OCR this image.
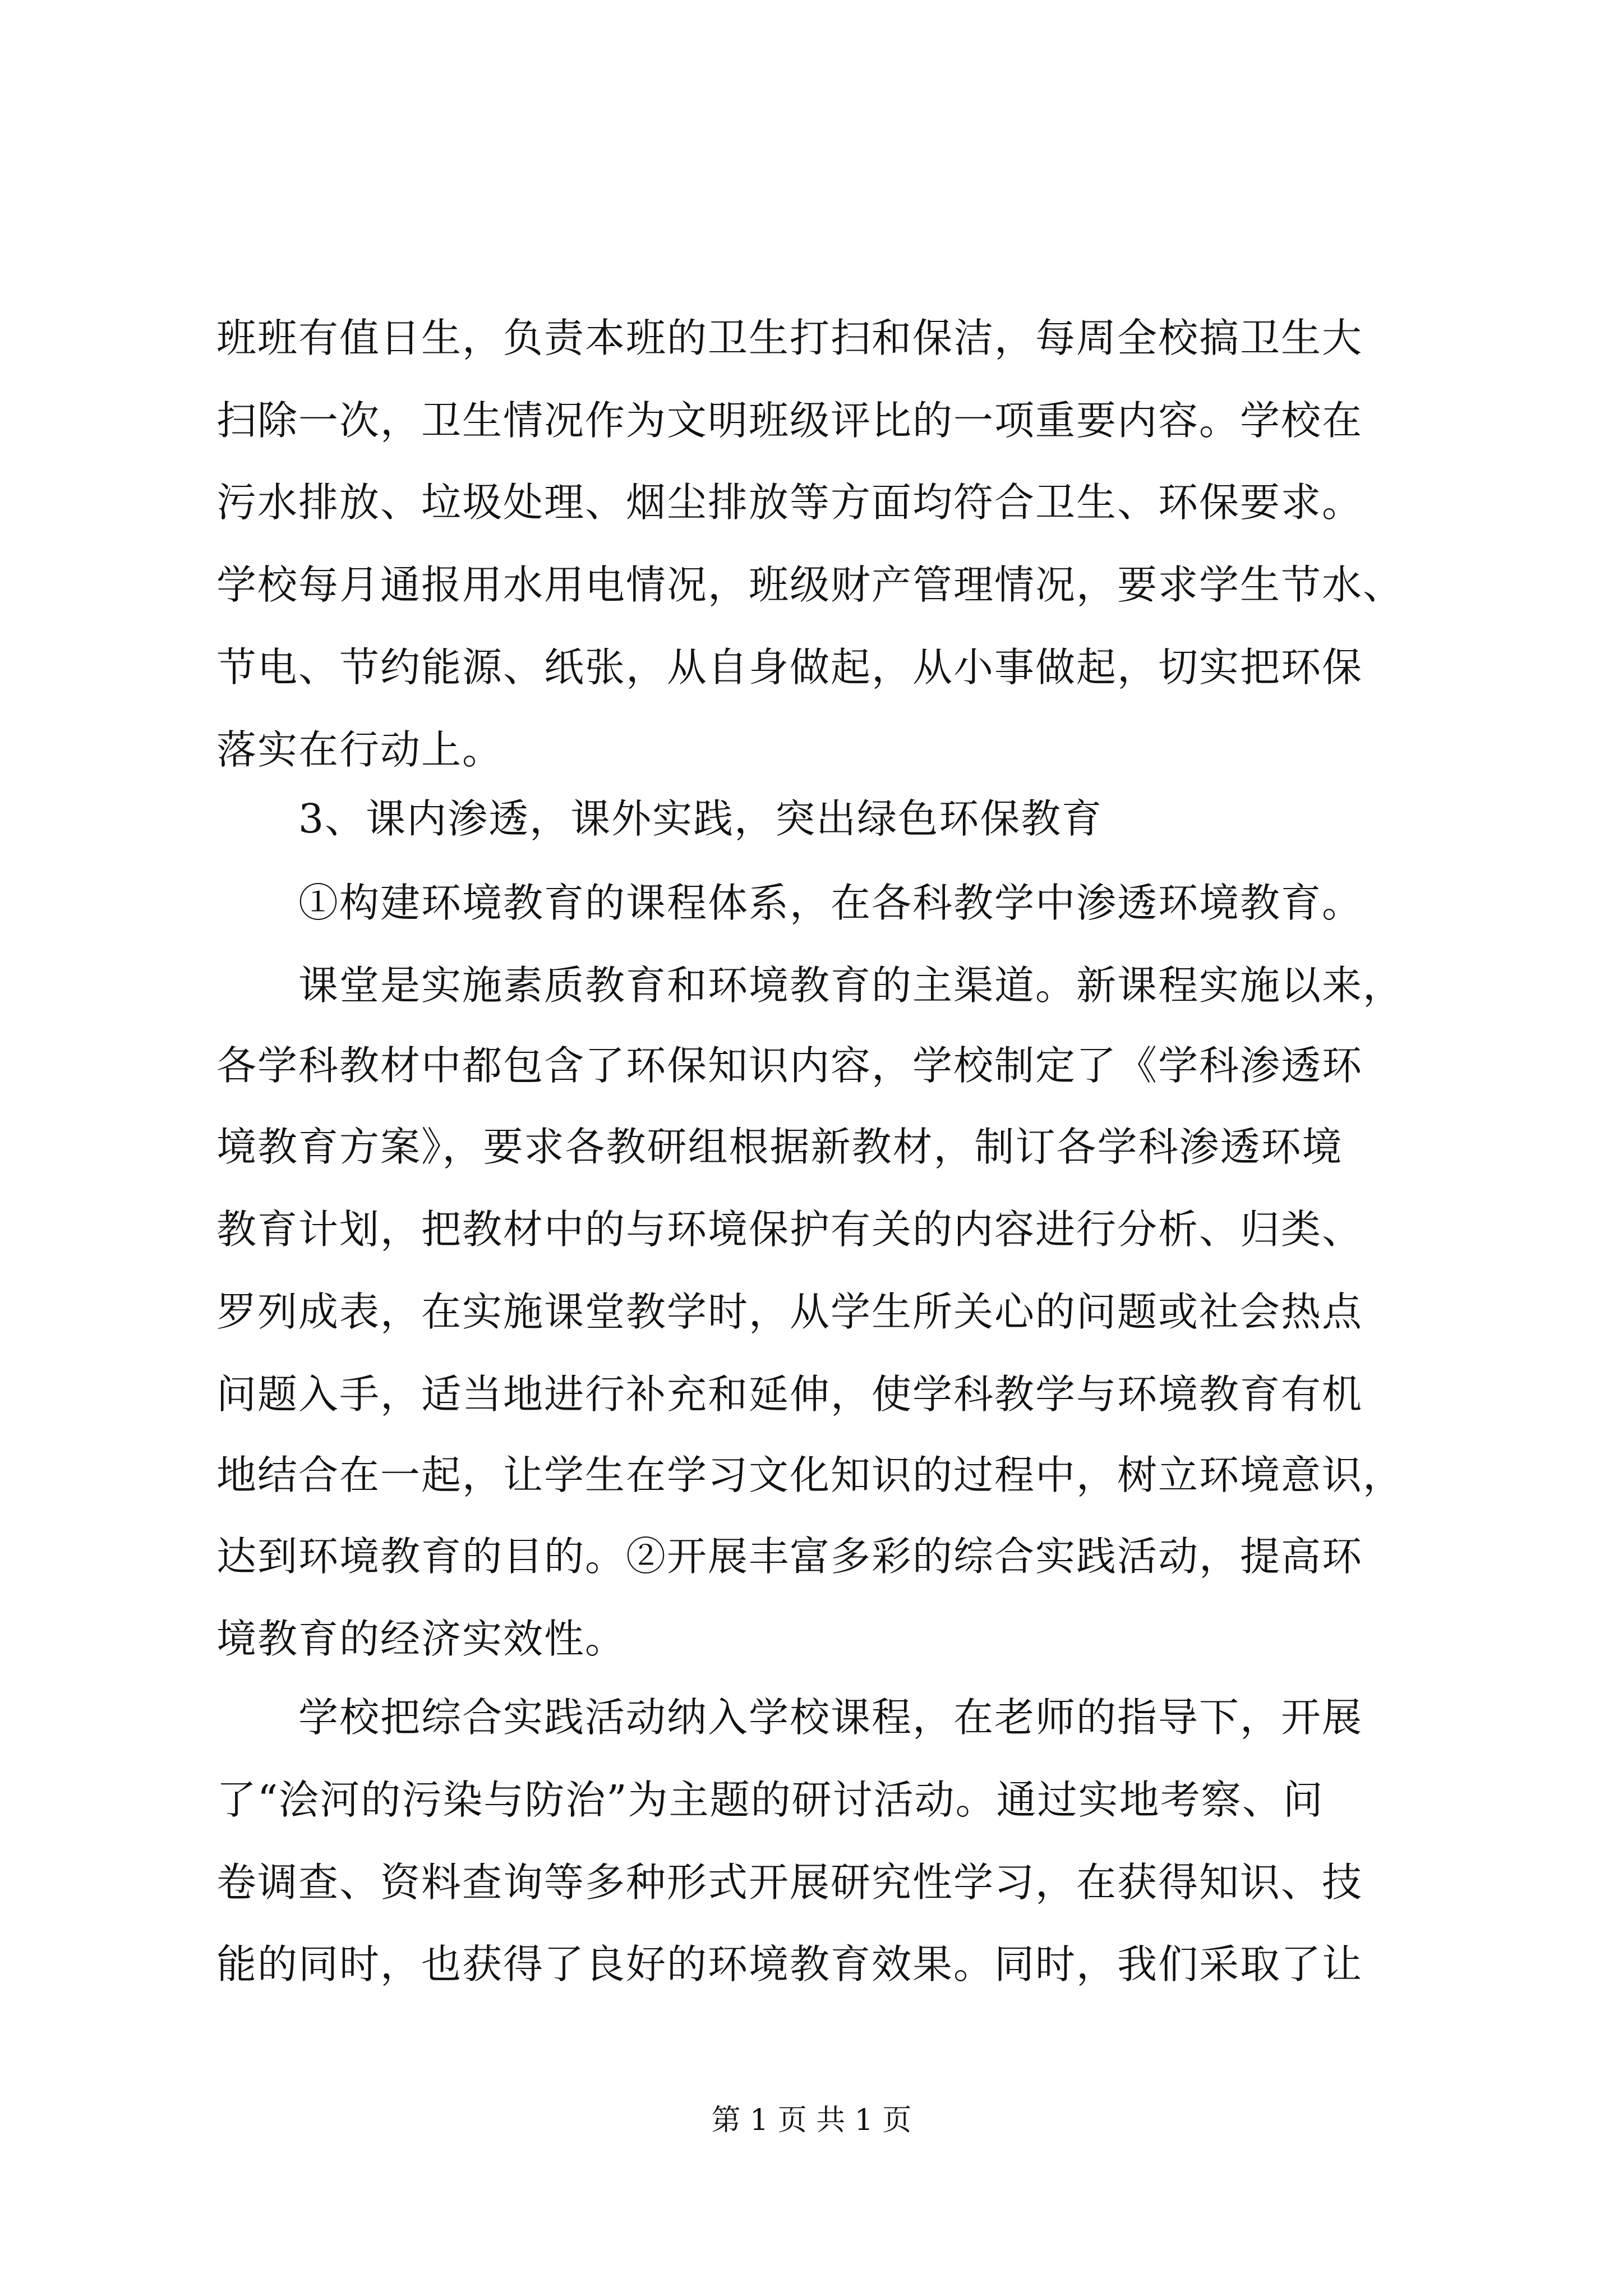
班班有值日生，负责本班的卫生打扫和保洁，每周全校搞卫生大
扫除一次，卫生情况作为文明班级评比的一项重要内容。学校在
污水排放、垃圾处理、烟尘排放等方面均符合卫生、环保要求。
学校每月通报用水用电情况，班级财产管理情况，要求学生节水、
节电、节约能源、纸张，从自身做起，从小事做起，切实把环保
落实在行动上。
3、课内渗透，课外实践，突出绿色环保教育
①构建环境教育的课程体系，在各科教学中渗透环境教育。
课堂是实施素质教育和环境教育的主渠道。新课程实施以来，
各学科教材中都包含了环保知识内容，学校制定了《学科渗透环
境教育方案》，要求各教研组根据新教材，制订各学科渗透环境
教育计划，把教材中的与环境保护有关的内容进行分析、归类、
罗列成表，在实施课堂教学时，从学生所关心的问题或社会热点
问题入手，适当地进行补充和延伸，使学科教学与环境教育有机
地结合在一起，让学生在学习文化知识的过程中，树立环境意识，
达到环境教育的目的。②开展丰富多彩的综合实践活动，提高环
境教育的经济实效性。
学校把综合实践活动纳入学校课程，在老师的指导下，开展
了“浍河的污染与防治”为主题的研讨活动。通过实地考察、问
卷调查、资料查询等多种形式开展研究性学习，在获得知识、技
能的同时，也获得了良好的环境教育效果。同时，我们采取了让
第 1 页 共 1 页
